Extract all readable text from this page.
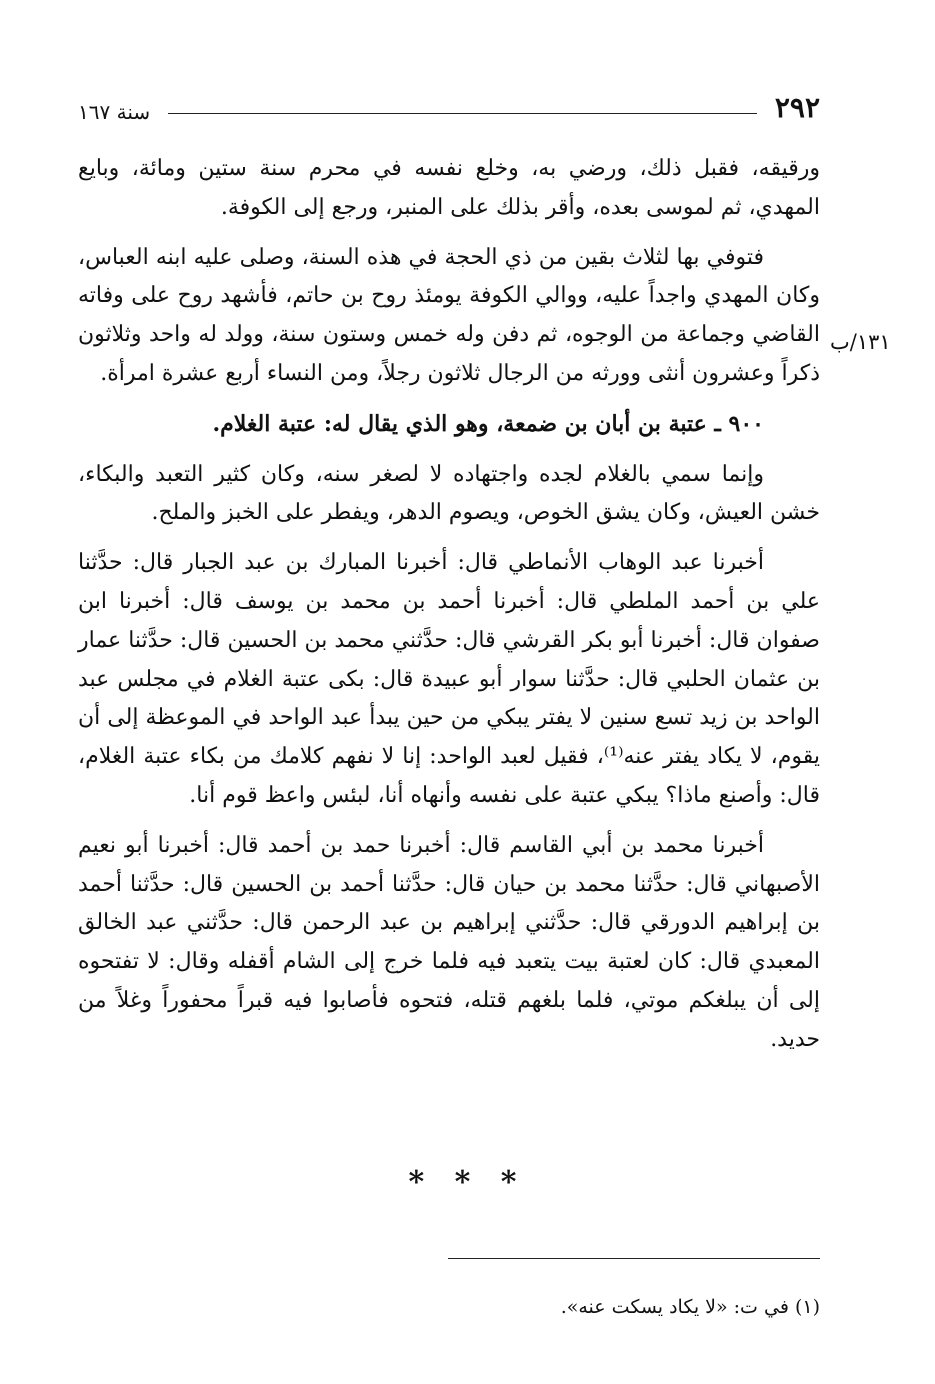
٢٩٢
سنة ١٦٧

ورقيقه، فقبل ذلك، ورضي به، وخلع نفسه في محرم سنة ستين ومائة، وبايع المهدي، ثم لموسى بعده، وأقر بذلك على المنبر، ورجع إلى الكوفة.

فتوفي بها لثلاث بقين من ذي الحجة في هذه السنة، وصلى عليه ابنه العباس، وكان المهدي واجداً عليه، ووالي الكوفة يومئذ روح بن حاتم، فأشهد روح على وفاته القاضي وجماعة من الوجوه، ثم دفن وله خمس وستون سنة، وولد له واحد وثلاثون ذكراً وعشرون أنثى وورثه من الرجال ثلاثون رجلاً، ومن النساء أربع عشرة امرأة.

٩٠٠ ـ عتبة بن أبان بن ضمعة، وهو الذي يقال له: عتبة الغلام.

وإنما سمي بالغلام لجده واجتهاده لا لصغر سنه، وكان كثير التعبد والبكاء، خشن العيش، وكان يشق الخوص، ويصوم الدهر، ويفطر على الخبز والملح.

أخبرنا عبد الوهاب الأنماطي قال: أخبرنا المبارك بن عبد الجبار قال: حدَّثنا علي بن أحمد الملطي قال: أخبرنا أحمد بن محمد بن يوسف قال: أخبرنا ابن صفوان قال: أخبرنا أبو بكر القرشي قال: حدَّثني محمد بن الحسين قال: حدَّثنا عمار بن عثمان الحلبي قال: حدَّثنا سوار أبو عبيدة قال: بكى عتبة الغلام في مجلس عبد الواحد بن زيد تسع سنين لا يفتر يبكي من حين يبدأ عبد الواحد في الموعظة إلى أن يقوم، لا يكاد يفتر عنه⁽¹⁾، فقيل لعبد الواحد: إنا لا نفهم كلامك من بكاء عتبة الغلام، قال: وأصنع ماذا؟ يبكي عتبة على نفسه وأنهاه أنا، لبئس واعظ قوم أنا.

أخبرنا محمد بن أبي القاسم قال: أخبرنا حمد بن أحمد قال: أخبرنا أبو نعيم الأصبهاني قال: حدَّثنا محمد بن حيان قال: حدَّثنا أحمد بن الحسين قال: حدَّثنا أحمد بن إبراهيم الدورقي قال: حدَّثني إبراهيم بن عبد الرحمن قال: حدَّثني عبد الخالق المعبدي قال: كان لعتبة بيت يتعبد فيه فلما خرج إلى الشام أقفله وقال: لا تفتحوه إلى أن يبلغكم موتي، فلما بلغهم قتله، فتحوه فأصابوا فيه قبراً محفوراً وغلاً من حديد.

١٣١/ب
* * *
(١) في ت: «لا يكاد يسكت عنه».
